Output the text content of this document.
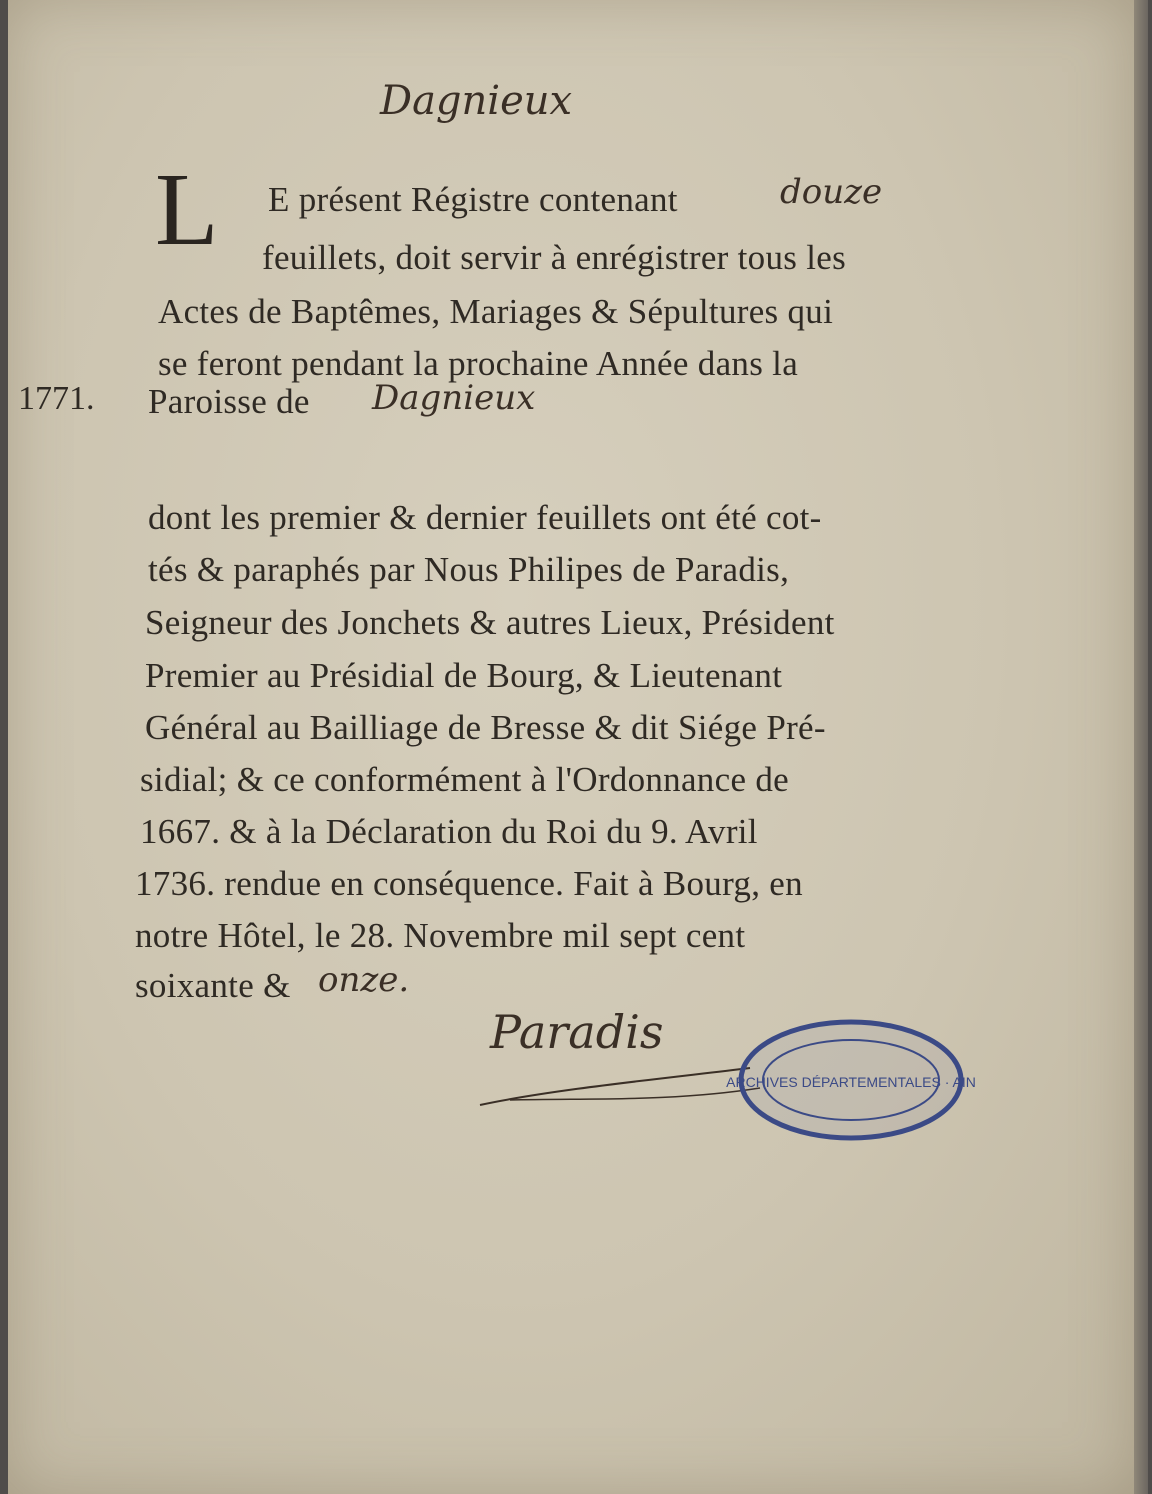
Dagnieux
L E présent Régistre contenant	douze
feuillets, doit servir à enrégistrer tous les
Actes de Baptêmes, Mariages & Sépultures qui
se feront pendant la prochaine Année dans la
1771. Paroisse de Dagnieux
dont les premier & dernier feuillets ont été cot-
tés & paraphés par Nous Philipes de Paradis,
Seigneur des Jonchets & autres Lieux, Président
Premier au Présidial de Bourg, & Lieutenant
Général au Bailliage de Bresse & dit Siége Pré-
sidial; & ce conformément à l'Ordonnance de
1667. & à la Déclaration du Roi du 9. Avril
1736. rendue en conséquence. Fait à Bourg, en
notre Hôtel, le 28. Novembre mil sept cent
soixante & onze.
Paradis
ARCHIVES DÉPARTEMENTALES · AIN
